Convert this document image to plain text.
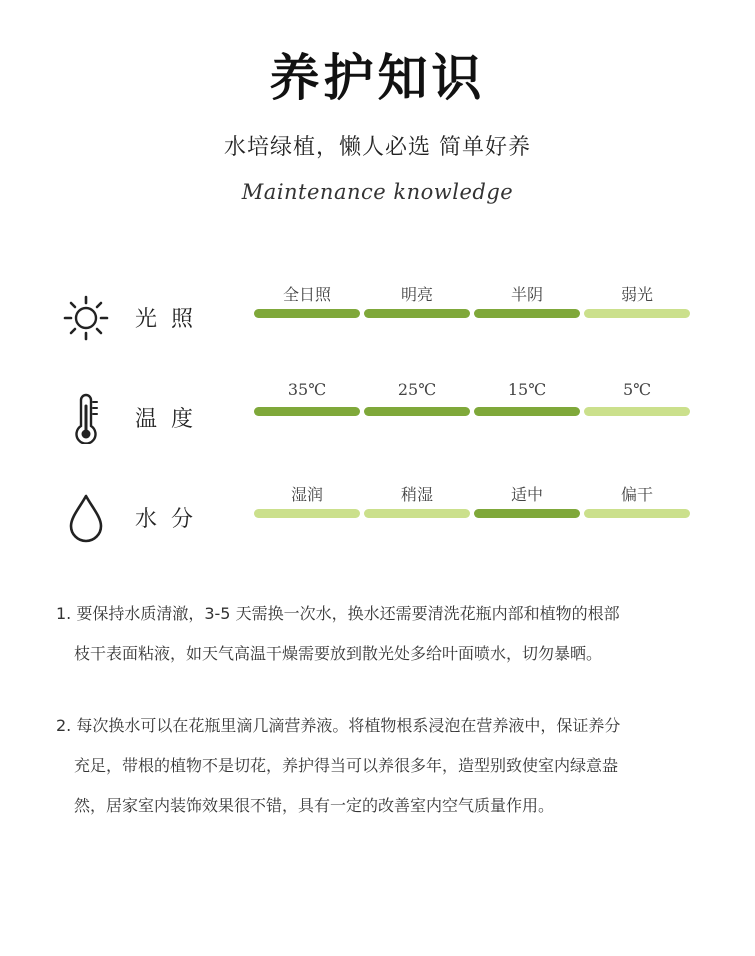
养护知识
水培绿植，懒人必选 简单好养
Maintenance knowledge
光照
全日照	明亮	半阴	弱光
温度
35℃	25℃	15℃	5℃
水分
湿润	稍湿	适中	偏干
1. 要保持水质清澈，3-5 天需换一次水，换水还需要清洗花瓶内部和植物的根部
枝干表面粘液，如天气高温干燥需要放到散光处多给叶面喷水，切勿暴晒。
2. 每次换水可以在花瓶里滴几滴营养液。将植物根系浸泡在营养液中，保证养分
充足，带根的植物不是切花，养护得当可以养很多年，造型别致使室内绿意盎
然，居家室内装饰效果很不错，具有一定的改善室内空气质量作用。
